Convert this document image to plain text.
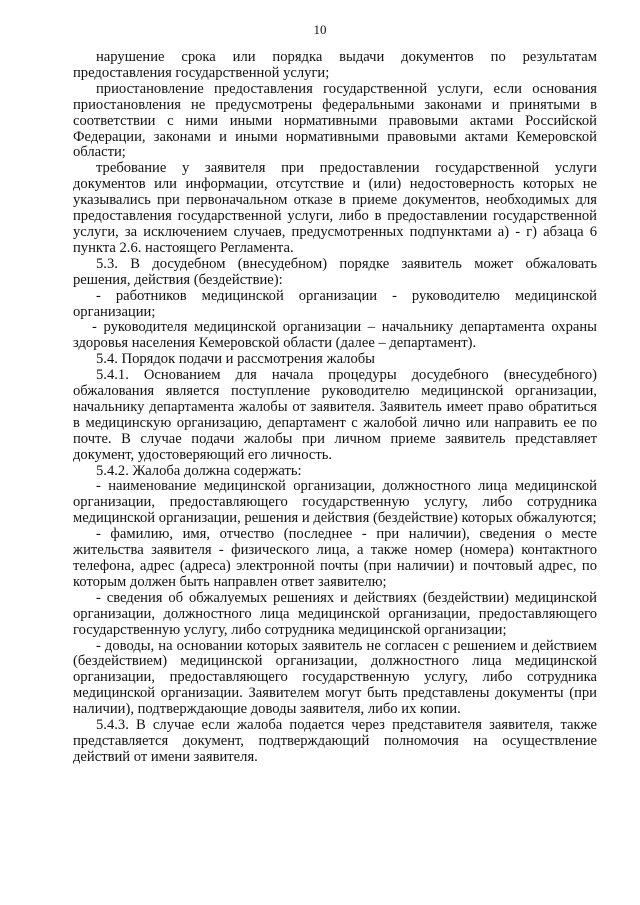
10

нарушение срока или порядка выдачи документов по результатам предоставления государственной услуги;

приостановление предоставления государственной услуги, если основания приостановления не предусмотрены федеральными законами и принятыми в соответствии с ними иными нормативными правовыми актами Российской Федерации, законами и иными нормативными правовыми актами Кемеровской области;

требование у заявителя при предоставлении государственной услуги документов или информации, отсутствие и (или) недостоверность которых не указывались при первоначальном отказе в приеме документов, необходимых для предоставления государственной услуги, либо в предоставлении государственной услуги, за исключением случаев, предусмотренных подпунктами а) - г) абзаца 6 пункта 2.6. настоящего Регламента.

5.3. В досудебном (внесудебном) порядке заявитель может обжаловать решения, действия (бездействие):

- работников медицинской организации - руководителю медицинской организации;

- руководителя медицинской организации – начальнику департамента охраны здоровья населения Кемеровской области (далее – департамент).

5.4. Порядок подачи и рассмотрения жалобы

5.4.1. Основанием для начала процедуры досудебного (внесудебного) обжалования является поступление руководителю медицинской организации, начальнику департамента жалобы от заявителя. Заявитель имеет право обратиться в медицинскую организацию, департамент с жалобой лично или направить ее по почте. В случае подачи жалобы при личном приеме заявитель представляет документ, удостоверяющий его личность.

5.4.2. Жалоба должна содержать:

- наименование медицинской организации, должностного лица медицинской организации, предоставляющего государственную услугу, либо сотрудника медицинской организации, решения и действия (бездействие) которых обжалуются;

- фамилию, имя, отчество (последнее - при наличии), сведения о месте жительства заявителя - физического лица, а также номер (номера) контактного телефона, адрес (адреса) электронной почты (при наличии) и почтовый адрес, по которым должен быть направлен ответ заявителю;

- сведения об обжалуемых решениях и действиях (бездействии) медицинской организации, должностного лица медицинской организации, предоставляющего государственную услугу, либо сотрудника медицинской организации;

- доводы, на основании которых заявитель не согласен с решением и действием (бездействием) медицинской организации, должностного лица медицинской организации, предоставляющего государственную услугу, либо сотрудника медицинской организации. Заявителем могут быть представлены документы (при наличии), подтверждающие доводы заявителя, либо их копии.

5.4.3. В случае если жалоба подается через представителя заявителя, также представляется документ, подтверждающий полномочия на осуществление действий от имени заявителя.
